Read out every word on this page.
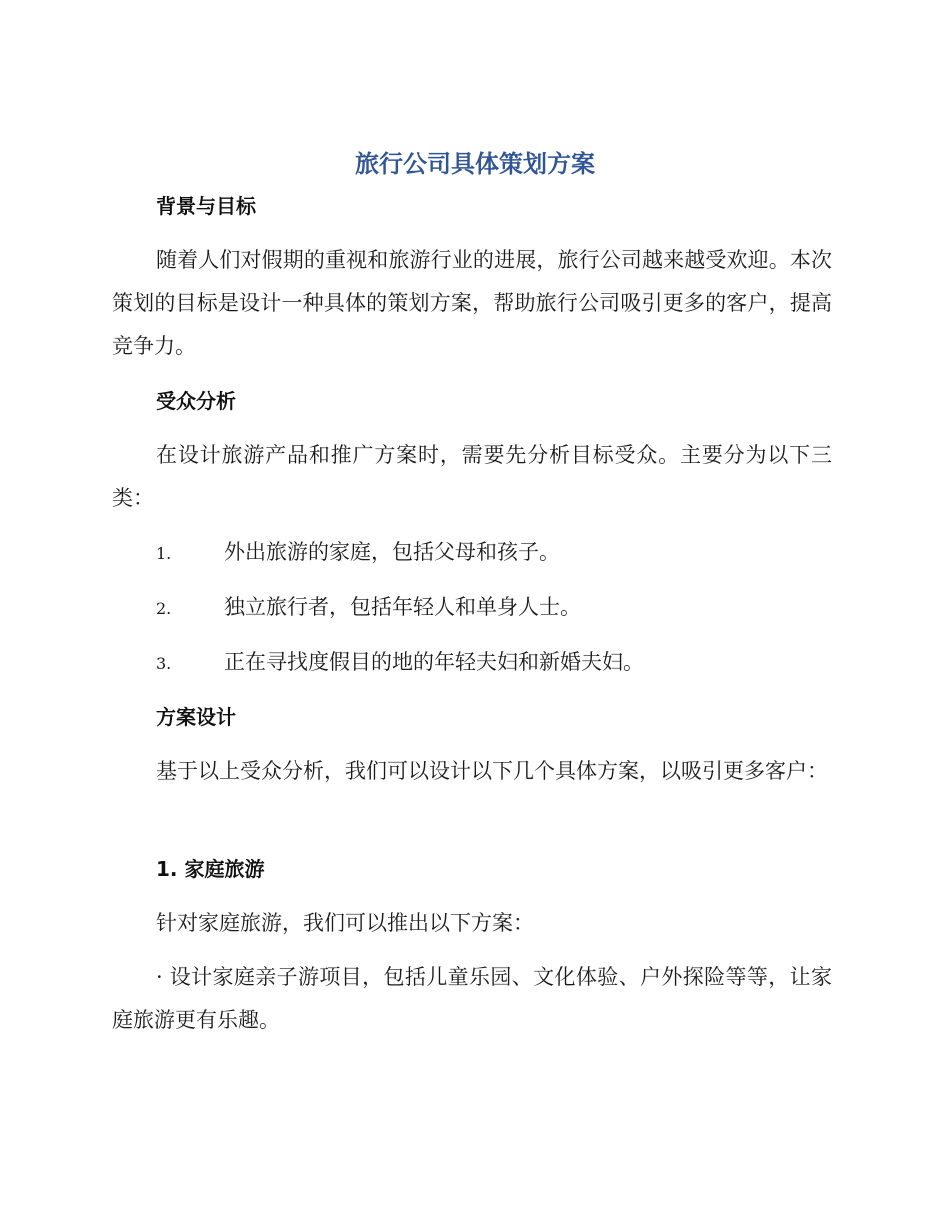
旅行公司具体策划方案
背景与目标
随着人们对假期的重视和旅游行业的进展，旅行公司越来越受欢迎。本次策划的目标是设计一种具体的策划方案，帮助旅行公司吸引更多的客户，提高竞争力。
受众分析
在设计旅游产品和推广方案时，需要先分析目标受众。主要分为以下三类：
1.	外出旅游的家庭，包括父母和孩子。
2.	独立旅行者，包括年轻人和单身人士。
3.	正在寻找度假目的地的年轻夫妇和新婚夫妇。
方案设计
基于以上受众分析，我们可以设计以下几个具体方案，以吸引更多客户：
1. 家庭旅游
针对家庭旅游，我们可以推出以下方案：
· 设计家庭亲子游项目，包括儿童乐园、文化体验、户外探险等等，让家庭旅游更有乐趣。
